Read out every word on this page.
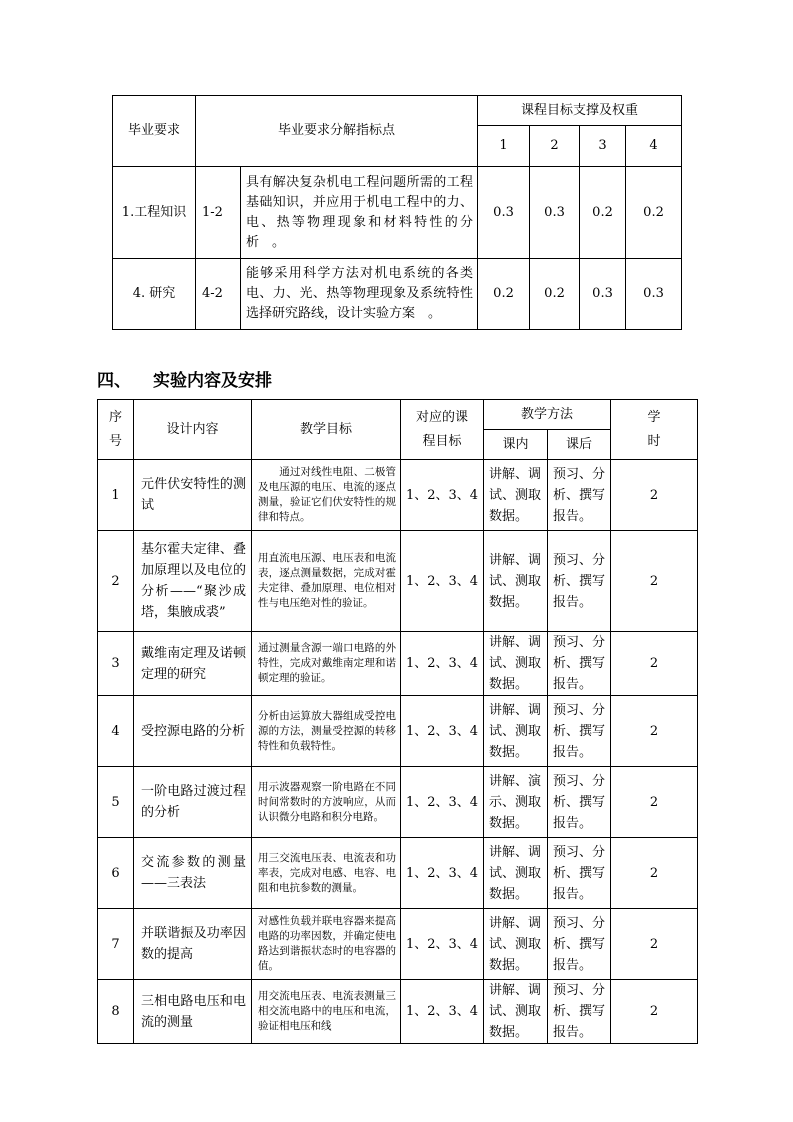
毕业要求	毕业要求分解指标点		课程目标支撑及权重			
			1	2	3	4
1.工程知识	1-2	具有解决复杂机电工程问题所需的工程基础知识，并应用于机电工程中的力、电、热等物理现象和材料特性的分析　。	0.3	0.3	0.2	0.2
4. 研究	4-2	能够采用科学方法对机电系统的各类电、力、光、热等物理现象及系统特性选择研究路线，设计实验方案　。	0.2	0.2	0.3	0.3
四、 实验内容及安排
序号	设计内容	教学目标	对应的课程目标	教学方法		学时
				课内	课后	
1	元件伏安特性的测试	　　通过对线性电阻、二极管及电压源的电压、电流的逐点测量，验证它们伏安特性的规律和特点。	1、2、3、4	讲解、调试、测取数据。	预习、分析、撰写报告。	2
2	基尔霍夫定律、叠加原理以及电位的分析——“聚沙成塔，集腋成裘”	用直流电压源、电压表和电流表，逐点测量数据，完成对霍夫定律、叠加原理、电位相对性与电压绝对性的验证。	1、2、3、4	讲解、调试、测取数据。	预习、分析、撰写报告。	2
3	戴维南定理及诺顿定理的研究	通过测量含源一端口电路的外特性，完成对戴维南定理和诺顿定理的验证。	1、2、3、4	讲解、调试、测取数据。	预习、分析、撰写报告。	2
4	受控源电路的分析	分析由运算放大器组成受控电源的方法，测量受控源的转移特性和负载特性。	1、2、3、4	讲解、调试、测取数据。	预习、分析、撰写报告。	2
5	一阶电路过渡过程的分析	用示波器观察一阶电路在不同时间常数时的方波响应，从而认识微分电路和积分电路。	1、2、3、4	讲解、演示、测取数据。	预习、分析、撰写报告。	2
6	交流参数的测量——三表法	用三交流电压表、电流表和功率表，完成对电感、电容、电阻和电抗参数的测量。	1、2、3、4	讲解、调试、测取数据。	预习、分析、撰写报告。	2
7	并联谐振及功率因数的提高	对感性负载并联电容器来提高电路的功率因数，并确定使电路达到谐振状态时的电容器的值。	1、2、3、4	讲解、调试、测取数据。	预习、分析、撰写报告。	2
8	三相电路电压和电流的测量	用交流电压表、电流表测量三相交流电路中的电压和电流，验证相电压和线	1、2、3、4	讲解、调试、测取数据。	预习、分析、撰写报告。	2
